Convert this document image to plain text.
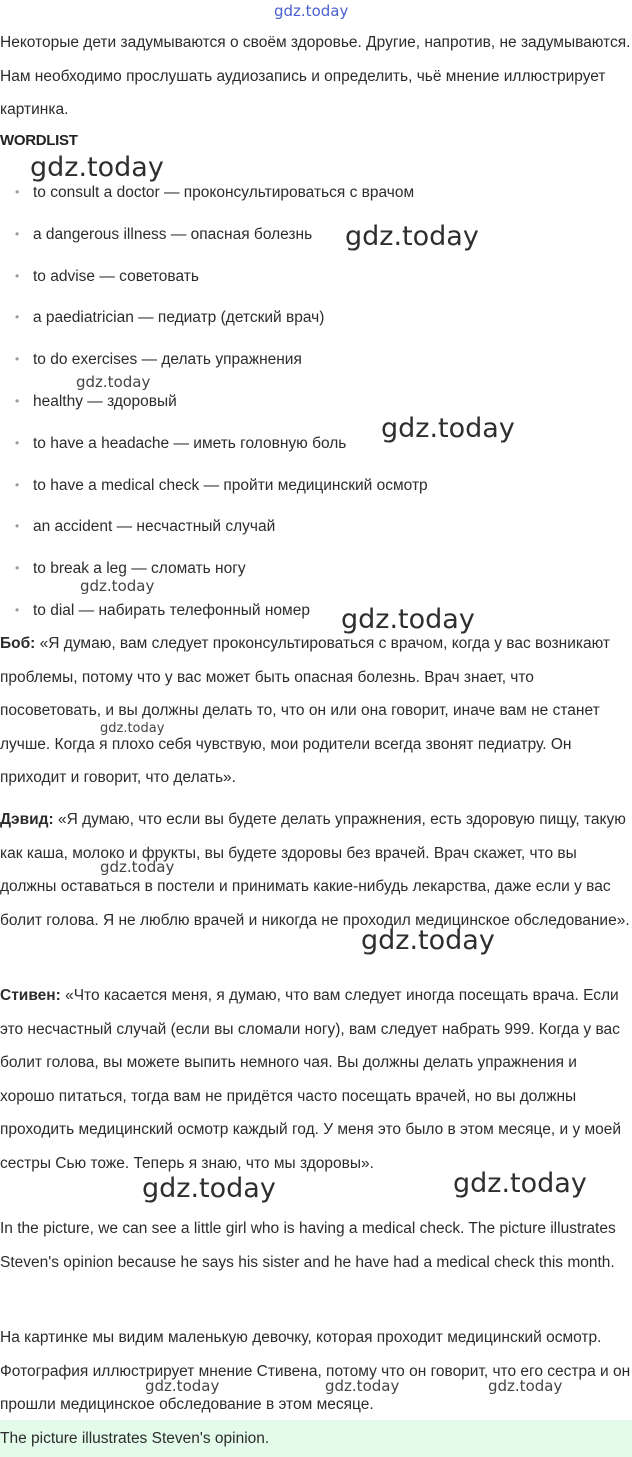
gdz.today

Некоторые дети задумываются о своём здоровье. Другие, напротив, не задумываются. Нам необходимо прослушать аудиозапись и определить, чьё мнение иллюстрирует картинка.

WORDLIST
• to consult a doctor — проконсультироваться с врачом
• a dangerous illness — опасная болезнь
• to advise — советовать
• a paediatrician — педиатр (детский врач)
• to do exercises — делать упражнения
• healthy — здоровый
• to have a headache — иметь головную боль
• to have a medical check — пройти медицинский осмотр
• an accident — несчастный случай
• to break a leg — сломать ногу
• to dial — набирать телефонный номер

Боб: «Я думаю, вам следует проконсультироваться с врачом, когда у вас возникают проблемы, потому что у вас может быть опасная болезнь. Врач знает, что посоветовать, и вы должны делать то, что он или она говорит, иначе вам не станет лучше. Когда я плохо себя чувствую, мои родители всегда звонят педиатру. Он приходит и говорит, что делать».

Дэвид: «Я думаю, что если вы будете делать упражнения, есть здоровую пищу, такую как каша, молоко и фрукты, вы будете здоровы без врачей. Врач скажет, что вы должны оставаться в постели и принимать какие-нибудь лекарства, даже если у вас болит голова. Я не люблю врачей и никогда не проходил медицинское обследование».

Стивен: «Что касается меня, я думаю, что вам следует иногда посещать врача. Если это несчастный случай (если вы сломали ногу), вам следует набрать 999. Когда у вас болит голова, вы можете выпить немного чая. Вы должны делать упражнения и хорошо питаться, тогда вам не придётся часто посещать врачей, но вы должны проходить медицинский осмотр каждый год. У меня это было в этом месяце, и у моей сестры Сью тоже. Теперь я знаю, что мы здоровы».

In the picture, we can see a little girl who is having a medical check. The picture illustrates Steven's opinion because he says his sister and he have had a medical check this month.

На картинке мы видим маленькую девочку, которая проходит медицинский осмотр. Фотография иллюстрирует мнение Стивена, потому что он говорит, что его сестра и он прошли медицинское обследование в этом месяце.

The picture illustrates Steven's opinion.
gdz.today
gdz.today
gdz.today
gdz.today
gdz.today
gdz.today
gdz.today
gdz.today
gdz.today
gdz.today	gdz.today
gdz.today	gdz.today	gdz.today
